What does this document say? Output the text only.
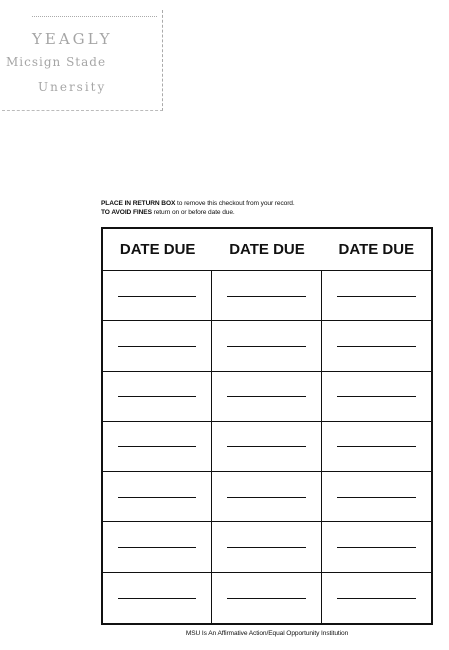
YEAGLY
Micsign Stade
Unersity
PLACE IN RETURN BOX to remove this checkout from your record.
TO AVOID FINES return on or before date due.
DATE DUE	DATE DUE	DATE DUE
MSU Is An Affirmative Action/Equal Opportunity Institution
